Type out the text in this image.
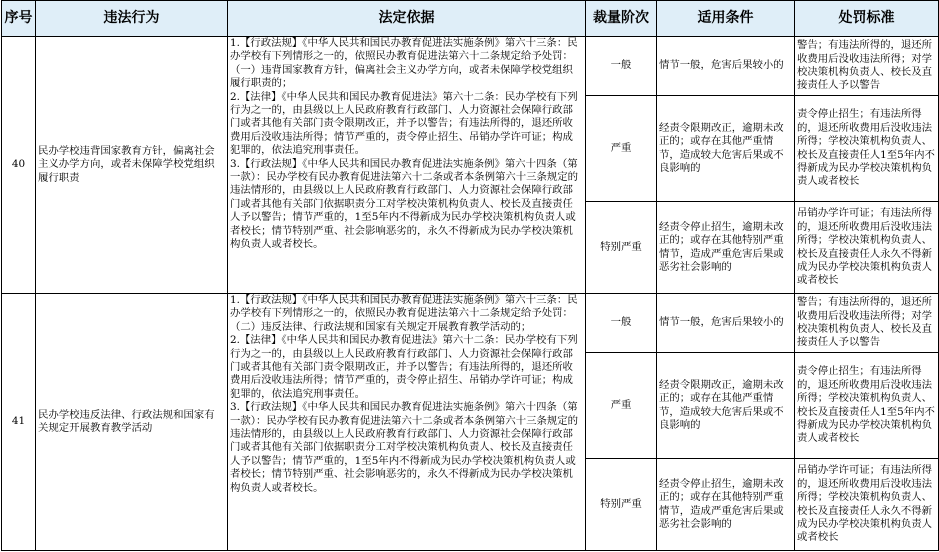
序号	违法行为	法定依据	裁量阶次	适用条件	处罚标准
40	民办学校违背国家教育方针，偏离社会主义办学方向，或者未保障学校党组织履行职责	1.【行政法规】《中华人民共和国民办教育促进法实施条例》第六十三条：民办学校有下列情形之一的，依照民办教育促进法第六十二条规定给予处罚：（一）违背国家教育方针，偏离社会主义办学方向，或者未保障学校党组织履行职责的；

2.【法律】《中华人民共和国民办教育促进法》第六十二条：民办学校有下列行为之一的，由县级以上人民政府教育行政部门、人力资源社会保障行政部门或者其他有关部门责令限期改正，并予以警告；有违法所得的，退还所收费用后没收违法所得；情节严重的，责令停止招生、吊销办学许可证；构成犯罪的，依法追究刑事责任。

3.【行政法规】《中华人民共和国民办教育促进法实施条例》第六十四条（第一款）：民办学校有民办教育促进法第六十二条或者本条例第六十三条规定的违法情形的，由县级以上人民政府教育行政部门、人力资源社会保障行政部门或者其他有关部门依据职责分工对学校决策机构负责人、校长及直接责任人予以警告；情节严重的，1至5年内不得新成为民办学校决策机构负责人或者校长；情节特别严重、社会影响恶劣的，永久不得新成为民办学校决策机构负责人或者校长。	一般	情节一般，危害后果较小的	警告；有违法所得的，退还所收费用后没收违法所得；对学校决策机构负责人、校长及直接责任人予以警告
			严重	经责令限期改正，逾期未改正的；或存在其他严重情节，造成较大危害后果或不良影响的	责令停止招生；有违法所得的，退还所收费用后没收违法所得；学校决策机构负责人、校长及直接责任人1至5年内不得新成为民办学校决策机构负责人或者校长
			特别严重	经责令停止招生，逾期未改正的；或存在其他特别严重情节，造成严重危害后果或恶劣社会影响的	吊销办学许可证；有违法所得的，退还所收费用后没收违法所得；学校决策机构负责人、校长及直接责任人永久不得新成为民办学校决策机构负责人或者校长
41	民办学校违反法律、行政法规和国家有关规定开展教育教学活动	1.【行政法规】《中华人民共和国民办教育促进法实施条例》第六十三条：民办学校有下列情形之一的，依照民办教育促进法第六十二条规定给予处罚：（二）违反法律、行政法规和国家有关规定开展教育教学活动的；

2.【法律】《中华人民共和国民办教育促进法》第六十二条：民办学校有下列行为之一的，由县级以上人民政府教育行政部门、人力资源社会保障行政部门或者其他有关部门责令限期改正，并予以警告；有违法所得的，退还所收费用后没收违法所得；情节严重的，责令停止招生、吊销办学许可证；构成犯罪的，依法追究刑事责任。

3.【行政法规】《中华人民共和国民办教育促进法实施条例》第六十四条（第一款）：民办学校有民办教育促进法第六十二条或者本条例第六十三条规定的违法情形的，由县级以上人民政府教育行政部门、人力资源社会保障行政部门或者其他有关部门依据职责分工对学校决策机构负责人、校长及直接责任人予以警告；情节严重的，1至5年内不得新成为民办学校决策机构负责人或者校长；情节特别严重、社会影响恶劣的，永久不得新成为民办学校决策机构负责人或者校长。	一般	情节一般，危害后果较小的	警告；有违法所得的，退还所收费用后没收违法所得；对学校决策机构负责人、校长及直接责任人予以警告
			严重	经责令限期改正，逾期未改正的；或存在其他严重情节，造成较大危害后果或不良影响的	责令停止招生；有违法所得的，退还所收费用后没收违法所得；学校决策机构负责人、校长及直接责任人1至5年内不得新成为民办学校决策机构负责人或者校长
			特别严重	经责令停止招生，逾期未改正的；或存在其他特别严重情节，造成严重危害后果或恶劣社会影响的	吊销办学许可证；有违法所得的，退还所收费用后没收违法所得；学校决策机构负责人、校长及直接责任人永久不得新成为民办学校决策机构负责人或者校长
